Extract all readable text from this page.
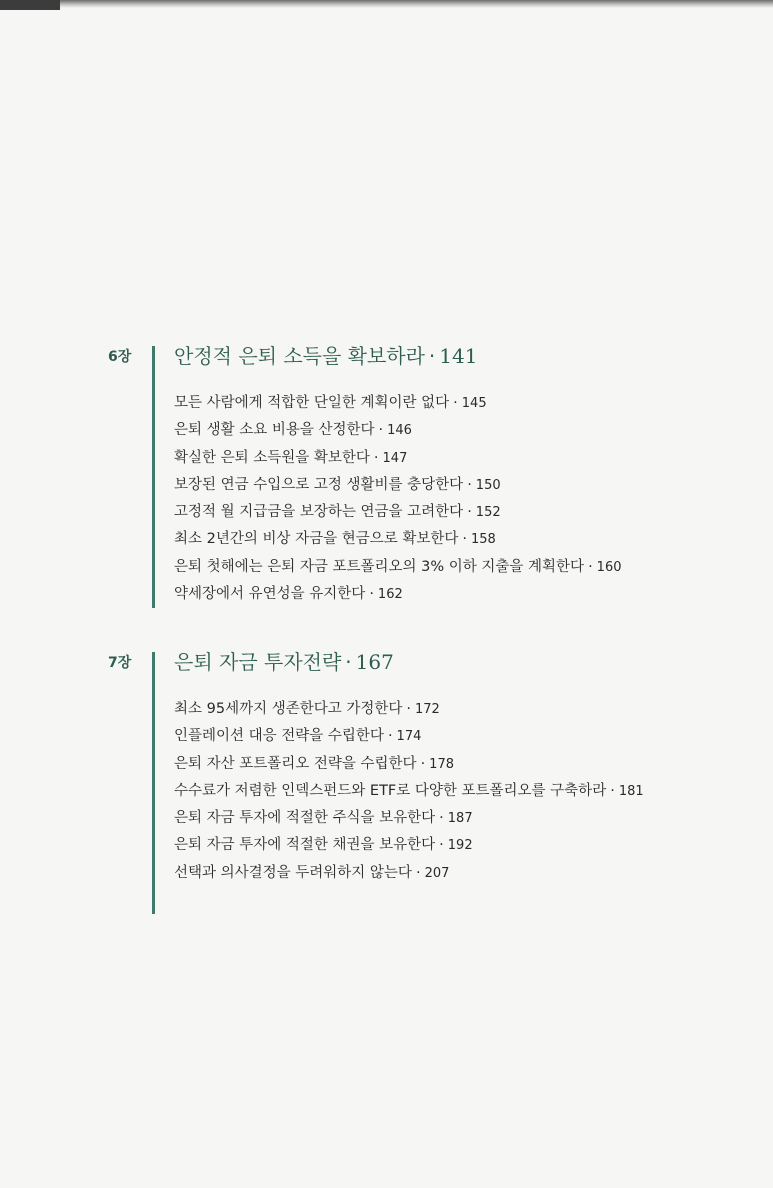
6장 안정적 은퇴 소득을 확보하라 · 141
모든 사람에게 적합한 단일한 계획이란 없다 · 145
은퇴 생활 소요 비용을 산정한다 · 146
확실한 은퇴 소득원을 확보한다 · 147
보장된 연금 수입으로 고정 생활비를 충당한다 · 150
고정적 월 지급금을 보장하는 연금을 고려한다 · 152
최소 2년간의 비상 자금을 현금으로 확보한다 · 158
은퇴 첫해에는 은퇴 자금 포트폴리오의 3% 이하 지출을 계획한다 · 160
약세장에서 유연성을 유지한다 · 162
7장 은퇴 자금 투자전략 · 167
최소 95세까지 생존한다고 가정한다 · 172
인플레이션 대응 전략을 수립한다 · 174
은퇴 자산 포트폴리오 전략을 수립한다 · 178
수수료가 저렴한 인덱스펀드와 ETF로 다양한 포트폴리오를 구축하라 · 181
은퇴 자금 투자에 적절한 주식을 보유한다 · 187
은퇴 자금 투자에 적절한 채권을 보유한다 · 192
선택과 의사결정을 두려워하지 않는다 · 207
